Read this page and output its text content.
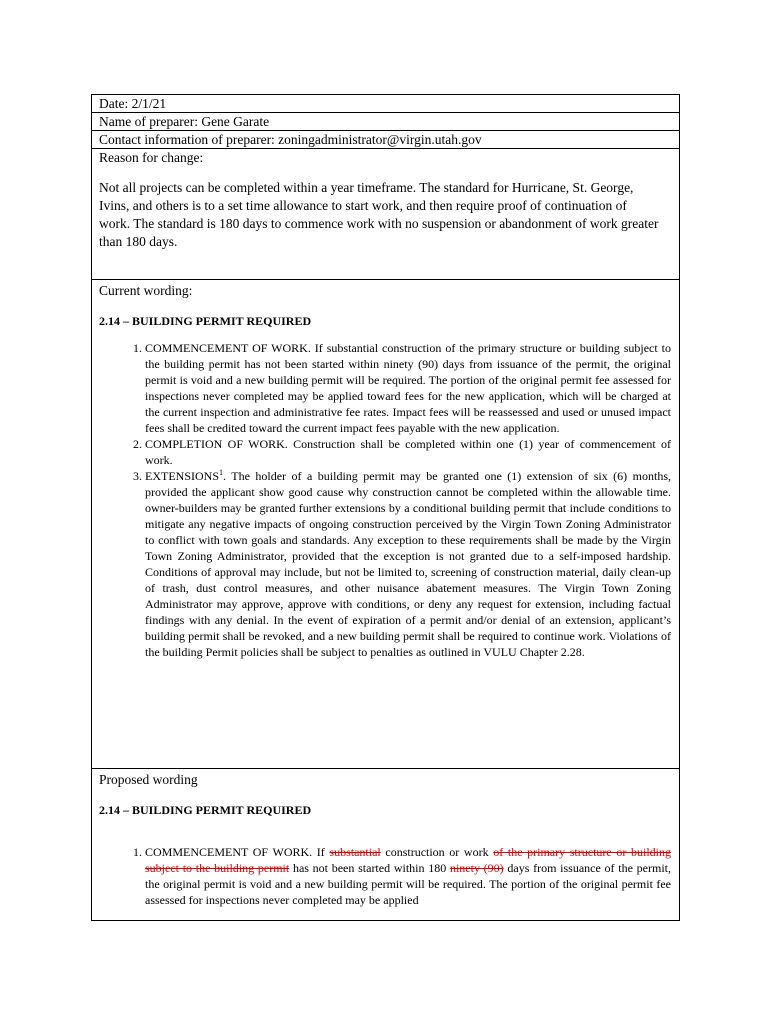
Date: 2/1/21
Name of preparer: Gene Garate
Contact information of preparer: zoningadministrator@virgin.utah.gov

Reason for change:

Not all projects can be completed within a year timeframe. The standard for Hurricane, St. George, Ivins, and others is to a set time allowance to start work, and then require proof of continuation of work. The standard is 180 days to commence work with no suspension or abandonment of work greater than 180 days.

Current wording:
2.14 – BUILDING PERMIT REQUIRED
1. COMMENCEMENT OF WORK. If substantial construction of the primary structure or building subject to the building permit has not been started within ninety (90) days from issuance of the permit, the original permit is void and a new building permit will be required. The portion of the original permit fee assessed for inspections never completed may be applied toward fees for the new application, which will be charged at the current inspection and administrative fee rates. Impact fees will be reassessed and used or unused impact fees shall be credited toward the current impact fees payable with the new application.
2. COMPLETION OF WORK. Construction shall be completed within one (1) year of commencement of work.
3. EXTENSIONS$^1$. The holder of a building permit may be granted one (1) extension of six (6) months, provided the applicant show good cause why construction cannot be completed within the allowable time. owner-builders may be granted further extensions by a conditional building permit that include conditions to mitigate any negative impacts of ongoing construction perceived by the Virgin Town Zoning Administrator to conflict with town goals and standards. Any exception to these requirements shall be made by the Virgin Town Zoning Administrator, provided that the exception is not granted due to a self-imposed hardship. Conditions of approval may include, but not be limited to, screening of construction material, daily clean-up of trash, dust control measures, and other nuisance abatement measures. The Virgin Town Zoning Administrator may approve, approve with conditions, or deny any request for extension, including factual findings with any denial. In the event of expiration of a permit and/or denial of an extension, applicant’s building permit shall be revoked, and a new building permit shall be required to continue work. Violations of the building Permit policies shall be subject to penalties as outlined in VULU Chapter 2.28.

Proposed wording
2.14 – BUILDING PERMIT REQUIRED
1. COMMENCEMENT OF WORK. If substantial construction or work of the primary structure or building subject to the building permit has not been started within 180 ninety (90) days from issuance of the permit, the original permit is void and a new building permit will be required. The portion of the original permit fee assessed for inspections never completed may be applied
